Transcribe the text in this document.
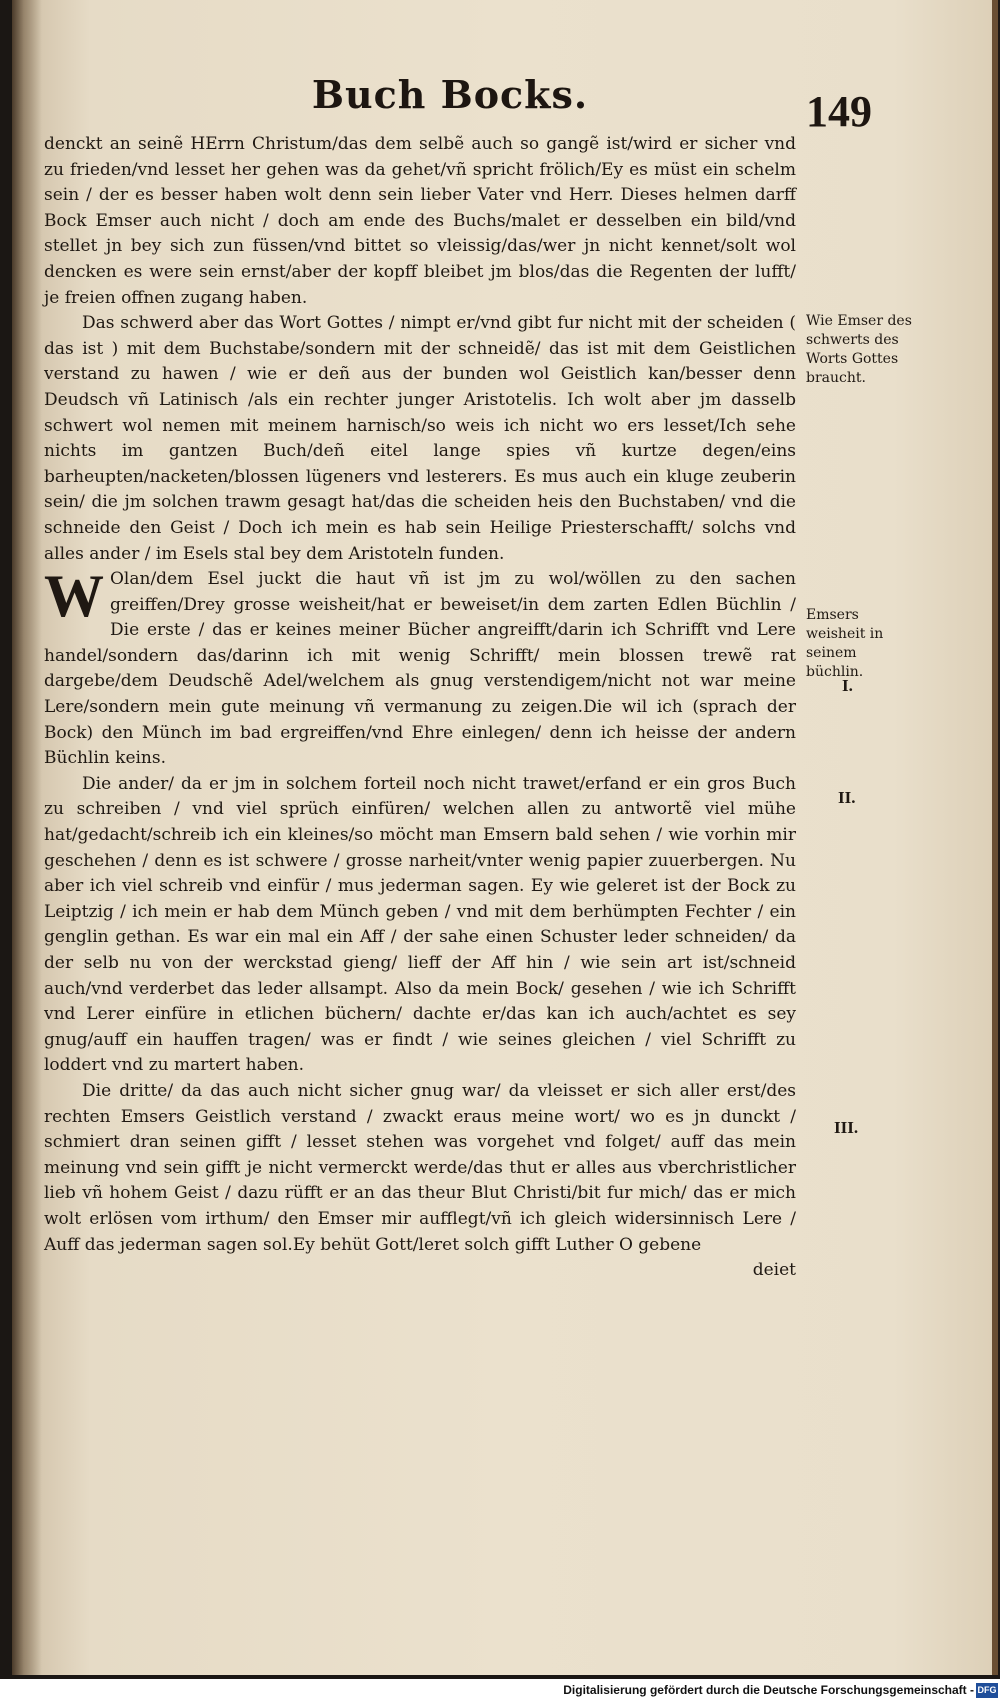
Buch Bocks.	149

denckt an seinẽ HErrn Christum/das dem selbẽ auch so gangẽ ist/wird er sicher vnd zu frieden/vnd lesset her gehen was da gehet/vñ spricht frölich/Ey es müst ein schelm sein / der es besser haben wolt denn sein lieber Vater vnd Herr. Dieses helmen darff Bock Emser auch nicht / doch am ende des Buchs/malet er desselben ein bild/vnd stellet jn bey sich zun füssen/vnd bittet so vleissig/das/wer jn nicht kennet/solt wol dencken es were sein ernst/aber der kopff bleibet jm blos/das die Regenten der lufft/ je freien offnen zugang haben.

Das schwerd aber das Wort Gottes / nimpt er/vnd gibt fur nicht mit der scheiden ( das ist ) mit dem Buchstabe/sondern mit der schneidẽ/ das ist mit dem Geistlichen verstand zu hawen / wie er deñ aus der bunden wol Geistlich kan/besser denn Deudsch vñ Latinisch /als ein rechter junger Aristotelis. Ich wolt aber jm dasselb schwert wol nemen mit meinem harnisch/so weis ich nicht wo ers lesset/Ich sehe nichts im gantzen Buch/deñ eitel lange spies vñ kurtze degen/eins barheupten/nacketen/blossen lügeners vnd lesterers. Es mus auch ein kluge zeuberin sein/ die jm solchen trawm gesagt hat/das die scheiden heis den Buchstaben/ vnd die schneide den Geist / Doch ich mein es hab sein Heilige Priesterschafft/ solchs vnd alles ander / im Esels stal bey dem Aristoteln funden.

W Olan/dem Esel juckt die haut vñ ist jm zu wol/wöllen zu den sachen greiffen/Drey grosse weisheit/hat er beweiset/in dem zarten Edlen Büchlin / Die erste / das er keines meiner Bücher angreifft/darin ich Schrifft vnd Lere handel/sondern das/darinn ich mit wenig Schrifft/ mein blossen trewẽ rat dargebe/dem Deudschẽ Adel/welchem als gnug verstendigem/nicht not war meine Lere/sondern mein gute meinung vñ vermanung zu zeigen.Die wil ich (sprach der Bock) den Münch im bad ergreiffen/vnd Ehre einlegen/ denn ich heisse der andern Büchlin keins.

Die ander/ da er jm in solchem forteil noch nicht trawet/erfand er ein gros Buch zu schreiben / vnd viel sprüch einfüren/ welchen allen zu antwortẽ viel mühe hat/gedacht/schreib ich ein kleines/so möcht man Emsern bald sehen / wie vorhin mir geschehen / denn es ist schwere / grosse narheit/vnter wenig papier zuuerbergen. Nu aber ich viel schreib vnd einfür / mus jederman sagen. Ey wie geleret ist der Bock zu Leiptzig / ich mein er hab dem Münch geben / vnd mit dem berhümpten Fechter / ein genglin gethan. Es war ein mal ein Aff / der sahe einen Schuster leder schneiden/ da der selb nu von der werckstad gieng/ lieff der Aff hin / wie sein art ist/schneid auch/vnd verderbet das leder allsampt. Also da mein Bock/ gesehen / wie ich Schrifft vnd Lerer einfüre in etlichen büchern/ dachte er/das kan ich auch/achtet es sey gnug/auff ein hauffen tragen/ was er findt / wie seines gleichen / viel Schrifft zu loddert vnd zu martert haben.

Die dritte/ da das auch nicht sicher gnug war/ da vleisset er sich aller erst/des rechten Emsers Geistlich verstand / zwackt eraus meine wort/ wo es jn dunckt / schmiert dran seinen gifft / lesset stehen was vorgehet vnd folget/ auff das mein meinung vnd sein gifft je nicht vermerckt werde/das thut er alles aus vberchristlicher lieb vñ hohem Geist / dazu rüfft er an das theur Blut Christi/bit fur mich/ das er mich wolt erlösen vom irthum/ den Emser mir aufflegt/vñ ich gleich widersinnisch Lere / Auff das jederman sagen sol.Ey behüt Gott/leret solch gifft Luther O gebene

deiet

Wie Emser des schwerts des Worts Gottes braucht.
Emsers weisheit in seinem büchlin.
I.
II.
III.
Digitalisierung gefördert durch die Deutsche Forschungsgemeinschaft - DFG
